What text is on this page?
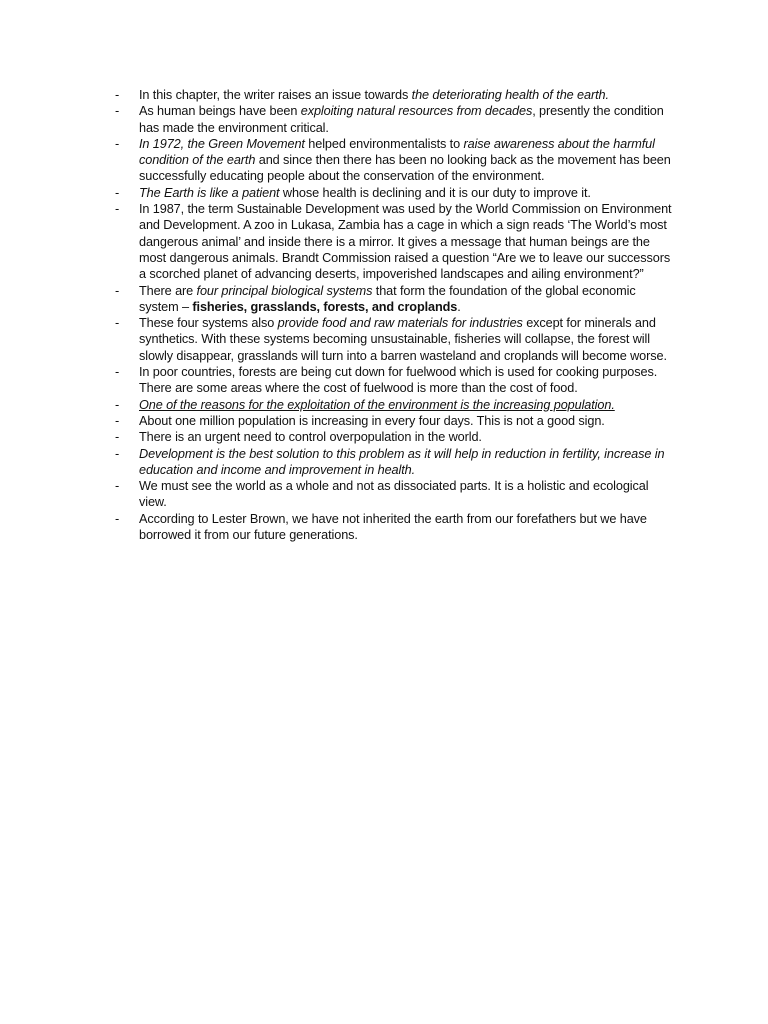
-	In this chapter, the writer raises an issue towards the deteriorating health of the earth.
-	As human beings have been exploiting natural resources from decades, presently the condition has made the environment critical.
-	In 1972, the Green Movement helped environmentalists to raise awareness about the harmful condition of the earth and since then there has been no looking back as the movement has been successfully educating people about the conservation of the environment.
-	The Earth is like a patient whose health is declining and it is our duty to improve it.
-	In 1987, the term Sustainable Development was used by the World Commission on Environment and Development. A zoo in Lukasa, Zambia has a cage in which a sign reads ‘The World’s most dangerous animal’ and inside there is a mirror. It gives a message that human beings are the most dangerous animals. Brandt Commission raised a question “Are we to leave our successors a scorched planet of advancing deserts, impoverished landscapes and ailing environment?”
-	There are four principal biological systems that form the foundation of the global economic system – fisheries, grasslands, forests, and croplands.
-	These four systems also provide food and raw materials for industries except for minerals and synthetics. With these systems becoming unsustainable, fisheries will collapse, the forest will slowly disappear, grasslands will turn into a barren wasteland and croplands will become worse.
-	In poor countries, forests are being cut down for fuelwood which is used for cooking purposes. There are some areas where the cost of fuelwood is more than the cost of food.
-	One of the reasons for the exploitation of the environment is the increasing population.
-	About one million population is increasing in every four days. This is not a good sign.
-	There is an urgent need to control overpopulation in the world.
-	Development is the best solution to this problem as it will help in reduction in fertility, increase in education and income and improvement in health.
-	We must see the world as a whole and not as dissociated parts. It is a holistic and ecological view.
-	According to Lester Brown, we have not inherited the earth from our forefathers but we have borrowed it from our future generations.
